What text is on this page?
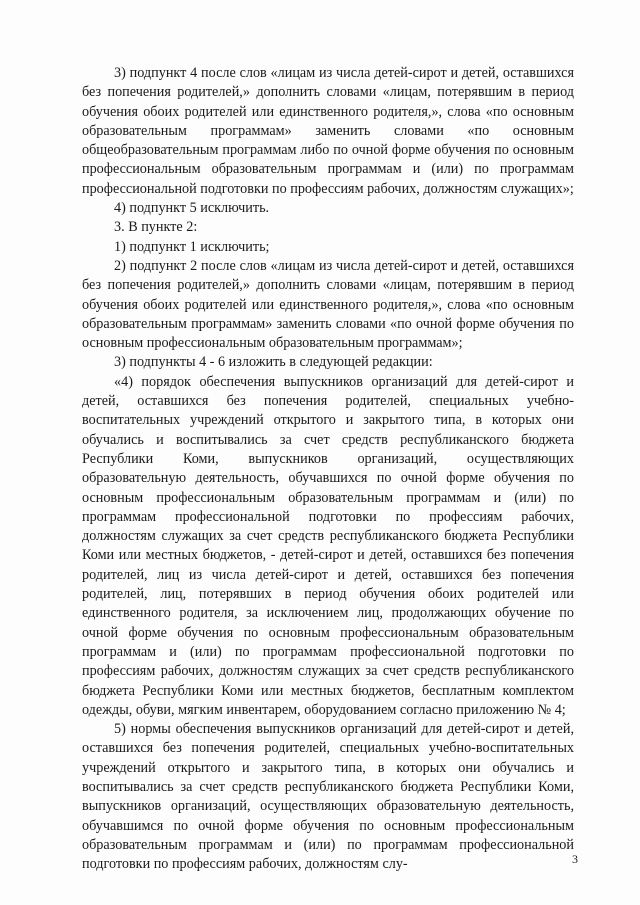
3) подпункт 4 после слов «лицам из числа детей-сирот и детей, оставшихся без попечения родителей,» дополнить словами «лицам, потерявшим в период обучения обоих родителей или единственного родителя,», слова «по основным образовательным программам» заменить словами «по основным общеобразовательным программам либо по очной форме обучения по основным профессиональным образовательным программам и (или) по программам профессиональной подготовки по профессиям рабочих, должностям служащих»;

4) подпункт 5 исключить.

3. В пункте 2:

1) подпункт 1 исключить;

2) подпункт 2 после слов «лицам из числа детей-сирот и детей, оставшихся без попечения родителей,» дополнить словами «лицам, потерявшим в период обучения обоих родителей или единственного родителя,», слова «по основным образовательным программам» заменить словами «по очной форме обучения по основным профессиональным образовательным программам»;

3) подпункты 4 - 6 изложить в следующей редакции:

«4) порядок обеспечения выпускников организаций для детей-сирот и детей, оставшихся без попечения родителей, специальных учебно-воспитательных учреждений открытого и закрытого типа, в которых они обучались и воспитывались за счет средств республиканского бюджета Республики Коми, выпускников организаций, осуществляющих образовательную деятельность, обучавшихся по очной форме обучения по основным профессиональным образовательным программам и (или) по программам профессиональной подготовки по профессиям рабочих, должностям служащих за счет средств республиканского бюджета Республики Коми или местных бюджетов, - детей-сирот и детей, оставшихся без попечения родителей, лиц из числа детей-сирот и детей, оставшихся без попечения родителей, лиц, потерявших в период обучения обоих родителей или единственного родителя, за исключением лиц, продолжающих обучение по очной форме обучения по основным профессиональным образовательным программам и (или) по программам профессиональной подготовки по профессиям рабочих, должностям служащих за счет средств республиканского бюджета Республики Коми или местных бюджетов, бесплатным комплектом одежды, обуви, мягким инвентарем, оборудованием согласно приложению № 4;

5) нормы обеспечения выпускников организаций для детей-сирот и детей, оставшихся без попечения родителей, специальных учебно-воспитательных учреждений открытого и закрытого типа, в которых они обучались и воспитывались за счет средств республиканского бюджета Республики Коми, выпускников организаций, осуществляющих образовательную деятельность, обучавшимся по очной форме обучения по основным профессиональным образовательным программам и (или) по программам профессиональной подготовки по профессиям рабочих, должностям слу-	3
